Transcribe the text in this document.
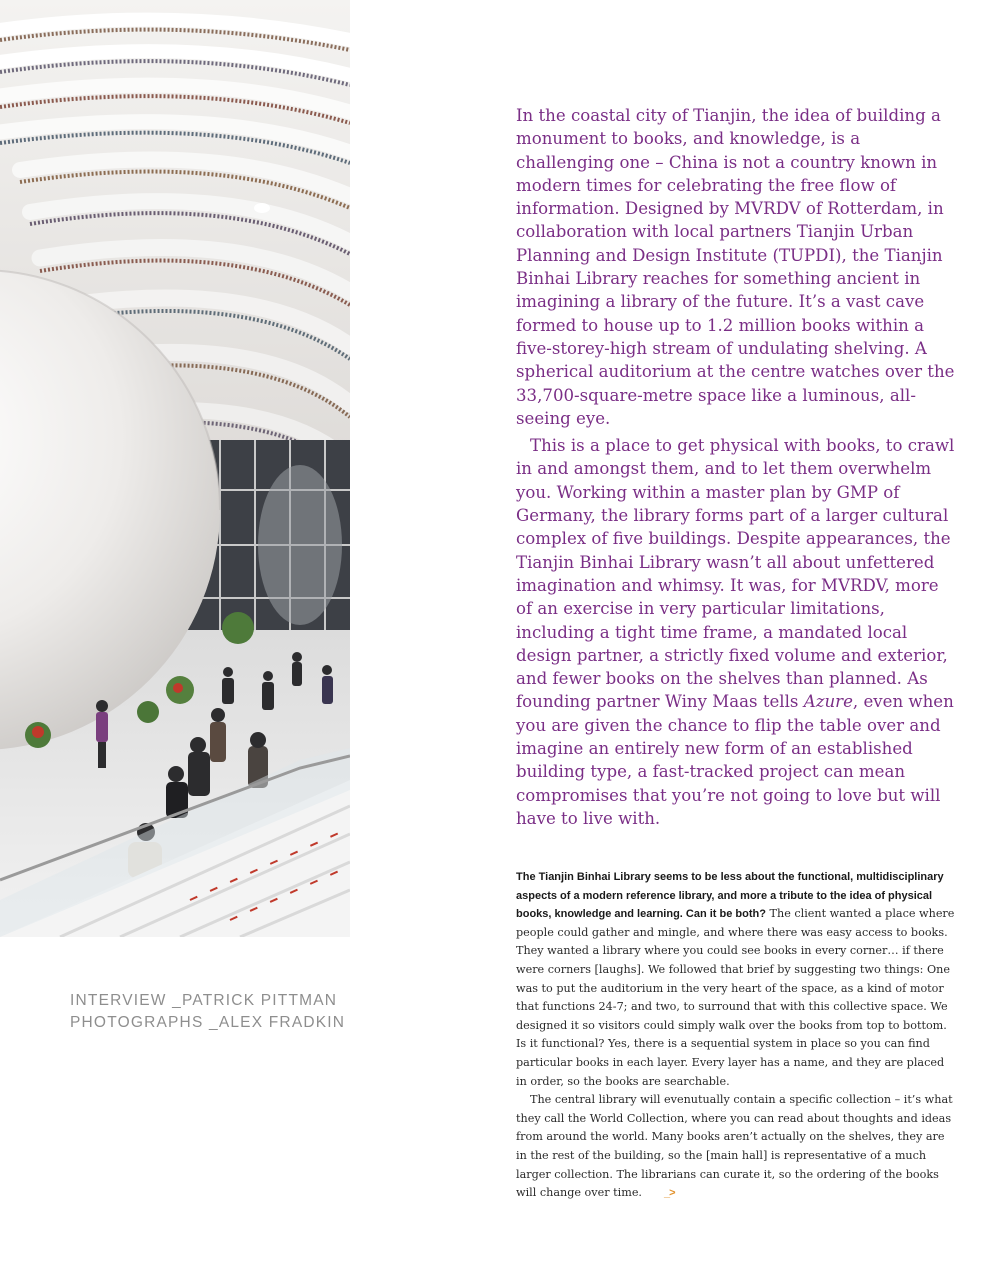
INTERVIEW _PATRICK PITTMAN
PHOTOGRAPHS _ALEX FRADKIN

In the coastal city of Tianjin, the idea of building a monument to books, and knowledge, is a challenging one – China is not a country known in modern times for celebrating the free flow of information. Designed by MVRDV of Rotterdam, in collaboration with local partners Tianjin Urban Planning and Design Institute (TUPDI), the Tianjin Binhai Library reaches for something ancient in imagining a library of the future. It’s a vast cave formed to house up to 1.2 million books within a five-storey-high stream of undulating shelving. A spherical auditorium at the centre watches over the 33,700-square-metre space like a luminous, all-seeing eye.

This is a place to get physical with books, to crawl in and amongst them, and to let them overwhelm you. Working within a master plan by GMP of Germany, the library forms part of a larger cultural complex of five buildings. Despite appearances, the Tianjin Binhai Library wasn’t all about unfettered imagination and whimsy. It was, for MVRDV, more of an exercise in very particular limitations, including a tight time frame, a mandated local design partner, a strictly fixed volume and exterior, and fewer books on the shelves than planned. As founding partner Winy Maas tells Azure, even when you are given the chance to flip the table over and imagine an entirely new form of an established building type, a fast-tracked project can mean compromises that you’re not going to love but will have to live with.

The Tianjin Binhai Library seems to be less about the functional, multidisciplinary aspects of a modern reference library, and more a tribute to the idea of physical books, knowledge and learning. Can it be both? The client wanted a place where people could gather and mingle, and where there was easy access to books. They wanted a library where you could see books in every corner… if there were corners [laughs]. We followed that brief by suggesting two things: One was to put the auditorium in the very heart of the space, as a kind of motor that functions 24-7; and two, to surround that with this collective space. We designed it so visitors could simply walk over the books from top to bottom. Is it functional? Yes, there is a sequential system in place so you can find particular books in each layer. Every layer has a name, and they are placed in order, so the books are searchable.

The central library will evenutually contain a specific collection – it’s what they call the World Collection, where you can read about thoughts and ideas from around the world. Many books aren’t actually on the shelves, they are in the rest of the building, so the [main hall] is representative of a much larger collection. The librarians can curate it, so the ordering of the books will change over time. _>
